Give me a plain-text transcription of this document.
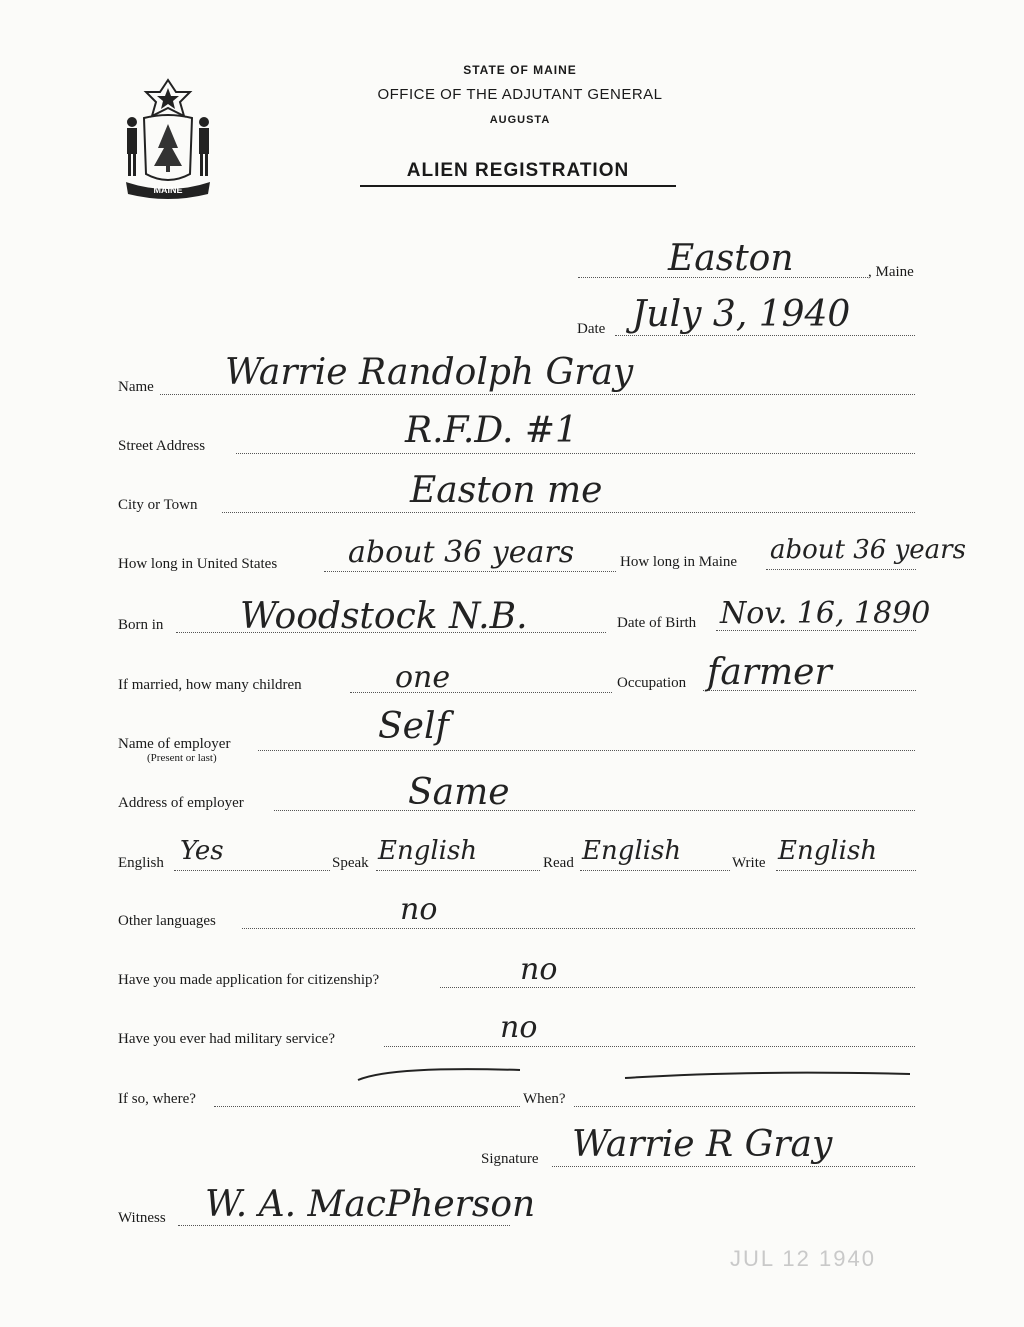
MAINE
STATE OF MAINE
OFFICE OF THE ADJUTANT GENERAL
AUGUSTA
ALIEN REGISTRATION
Easton	, Maine
Date July 3, 1940
Name Warrie Randolph Gray
Street Address	R.F.D. #1
City or Town	Easton me
How long in United States about 36 years	How long in Maine about 36 years
Born in Woodstock N.B.	Date of Birth Nov. 16, 1890
If married, how many children	one	Occupation farmer
Name of employer
(Present or last)
Self
Address of employer	Same
English Yes	Speak English	Read English	Write English
Other languages	no
Have you made application for citizenship?	no
Have you ever had military service?	no
If so, where?	When?
Signature Warrie R Gray
Witness W. A. MacPherson
JUL 12 1940
